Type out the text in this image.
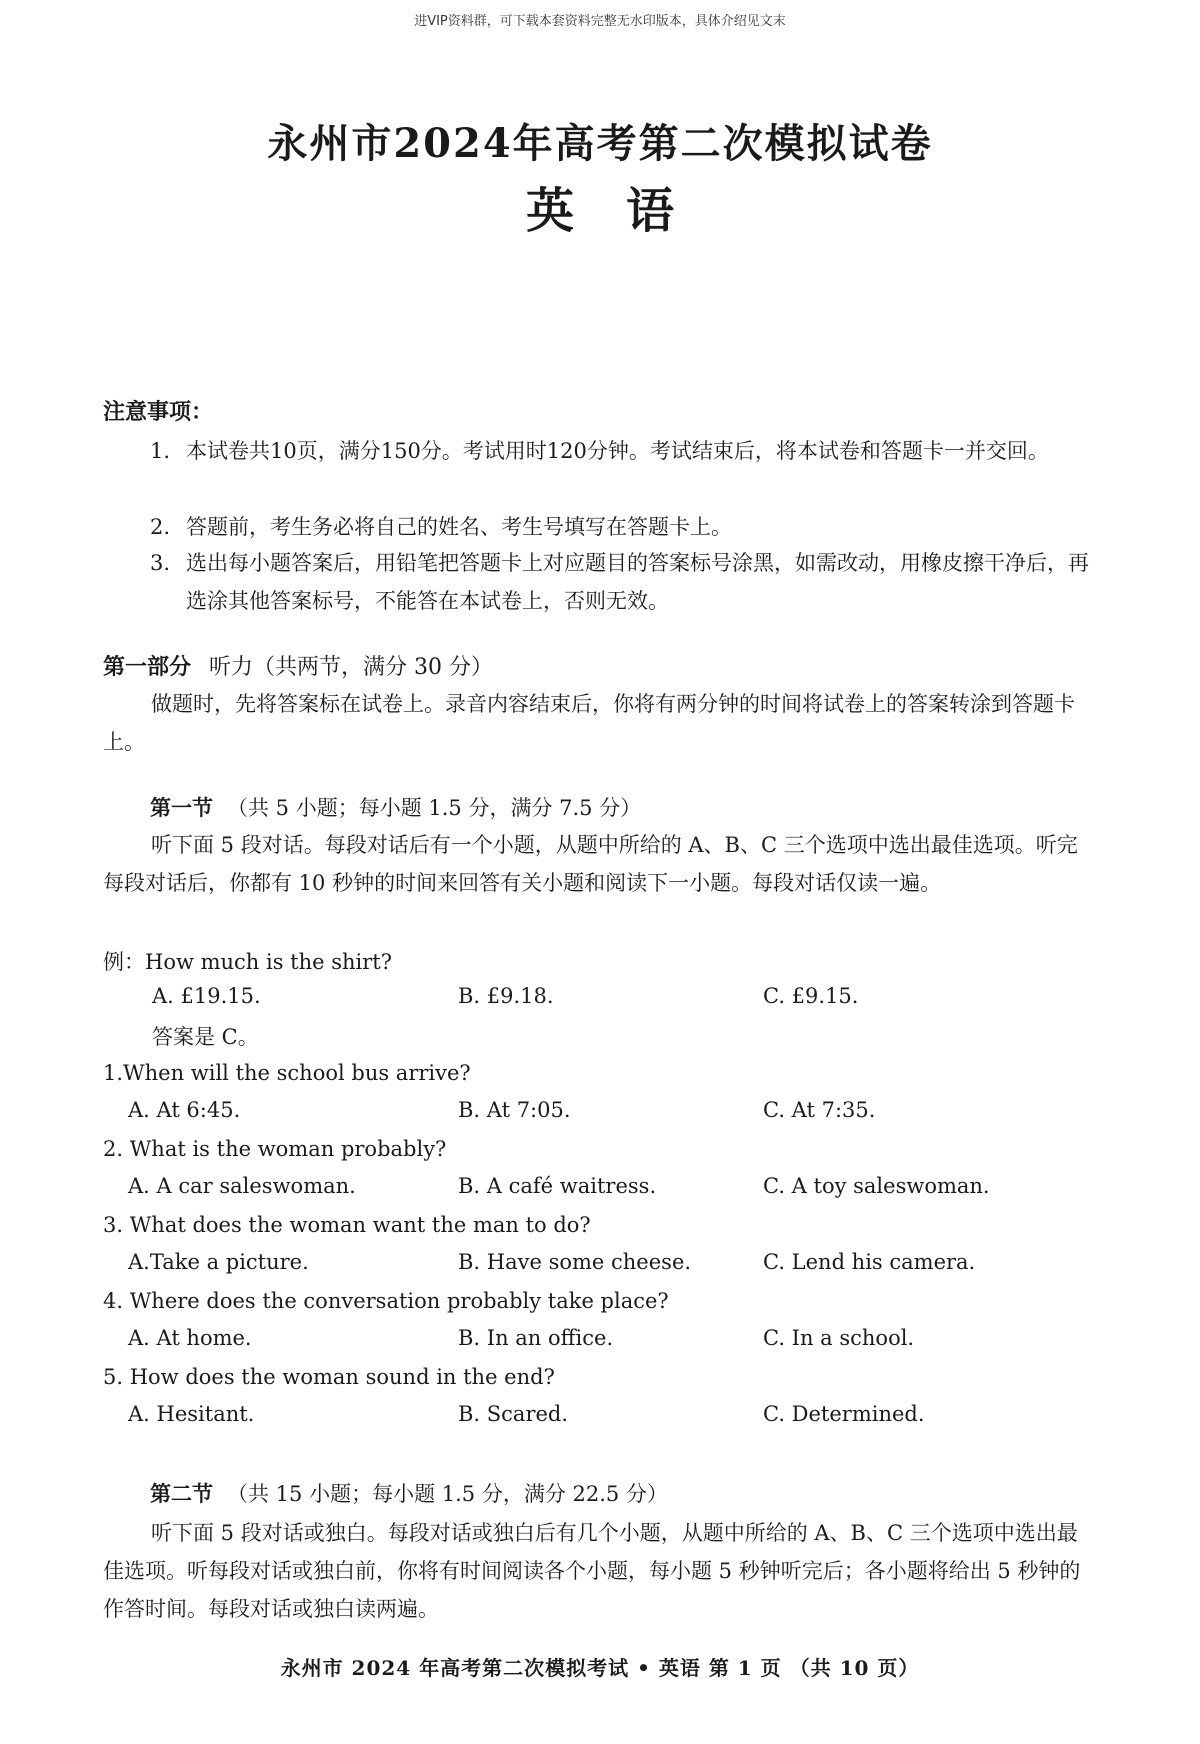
进VIP资料群，可下载本套资料完整无水印版本，具体介绍见文末
永州市2024年高考第二次模拟试卷
英语
注意事项：
1. 本试卷共10页，满分150分。考试用时120分钟。考试结束后，将本试卷和答题卡一并交回。
2. 答题前，考生务必将自己的姓名、考生号填写在答题卡上。
3. 选出每小题答案后，用铅笔把答题卡上对应题目的答案标号涂黑，如需改动，用橡皮擦干净后，再选涂其他答案标号，不能答在本试卷上，否则无效。
第一部分 听力（共两节，满分 30 分）
做题时，先将答案标在试卷上。录音内容结束后，你将有两分钟的时间将试卷上的答案转涂到答题卡上。
第一节 （共 5 小题；每小题 1.5 分，满分 7.5 分）
听下面 5 段对话。每段对话后有一个小题，从题中所给的 A、B、C 三个选项中选出最佳选项。听完每段对话后，你都有 10 秒钟的时间来回答有关小题和阅读下一小题。每段对话仅读一遍。
例：How much is the shirt?
A. £19.15.	B. £9.18.	C. £9.15.
答案是 C。
1.When will the school bus arrive?
A. At 6:45.	B. At 7:05.	C. At 7:35.
2. What is the woman probably?
A. A car saleswoman.	B. A café waitress.	C. A toy saleswoman.
3. What does the woman want the man to do?
A.Take a picture.	B. Have some cheese.	C. Lend his camera.
4. Where does the conversation probably take place?
A. At home.	B. In an office.	C. In a school.
5. How does the woman sound in the end?
A. Hesitant.	B. Scared.	C. Determined.
第二节 （共 15 小题；每小题 1.5 分，满分 22.5 分）
听下面 5 段对话或独白。每段对话或独白后有几个小题，从题中所给的 A、B、C 三个选项中选出最佳选项。听每段对话或独白前，你将有时间阅读各个小题，每小题 5 秒钟听完后；各小题将给出 5 秒钟的作答时间。每段对话或独白读两遍。
永州市 2024 年高考第二次模拟考试 • 英语 第 1 页 （共 10 页）
